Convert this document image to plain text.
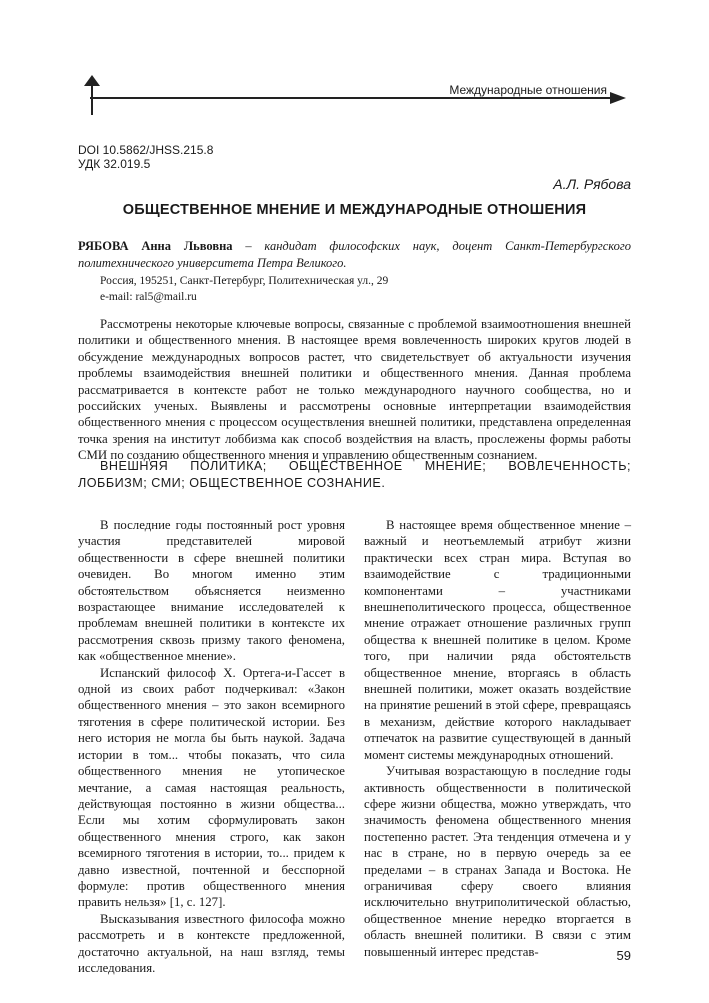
Международные отношения
DOI 10.5862/JHSS.215.8
УДК 32.019.5
А.Л. Рябова
ОБЩЕСТВЕННОЕ МНЕНИЕ И МЕЖДУНАРОДНЫЕ ОТНОШЕНИЯ
РЯБОВА Анна Львовна – кандидат философских наук, доцент Санкт-Петербургского политехнического университета Петра Великого.
Россия, 195251, Санкт-Петербург, Политехническая ул., 29
e-mail: ral5@mail.ru
Рассмотрены некоторые ключевые вопросы, связанные с проблемой взаимоотношения внешней политики и общественного мнения. В настоящее время вовлеченность широких кругов людей в обсуждение международных вопросов растет, что свидетельствует об актуальности изучения проблемы взаимодействия внешней политики и общественного мнения. Данная проблема рассматривается в контексте работ не только международного научного сообщества, но и российских ученых. Выявлены и рассмотрены основные интерпретации взаимодействия общественного мнения с процессом осуществления внешней политики, представлена определенная точка зрения на институт лоббизма как способ воздействия на власть, прослежены формы работы СМИ по созданию общественного мнения и управлению общественным сознанием.
ВНЕШНЯЯ ПОЛИТИКА; ОБЩЕСТВЕННОЕ МНЕНИЕ; ВОВЛЕЧЕННОСТЬ; ЛОББИЗМ; СМИ; ОБЩЕСТВЕННОЕ СОЗНАНИЕ.

В последние годы постоянный рост уровня участия представителей мировой общественности в сфере внешней политики очевиден. Во многом именно этим обстоятельством объясняется неизменно возрастающее внимание исследователей к проблемам внешней политики в контексте их рассмотрения сквозь призму такого феномена, как «общественное мнение».

Испанский философ Х. Ортега-и-Гассет в одной из своих работ подчеркивал: «Закон общественного мнения – это закон всемирного тяготения в сфере политической истории. Без него история не могла бы быть наукой. Задача истории в том... чтобы показать, что сила общественного мнения не утопическое мечтание, а самая настоящая реальность, действующая постоянно в жизни общества... Если мы хотим сформулировать закон общественного мнения строго, как закон всемирного тяготения в истории, то... придем к давно известной, почтенной и бесспорной формуле: против общественного мнения править нельзя» [1, с. 127].

Высказывания известного философа можно рассмотреть и в контексте предложенной, достаточно актуальной, на наш взгляд, темы исследования.

В настоящее время общественное мнение – важный и неотъемлемый атрибут жизни практически всех стран мира. Вступая во взаимодействие с традиционными компонентами – участниками внешнеполитического процесса, общественное мнение отражает отношение различных групп общества к внешней политике в целом. Кроме того, при наличии ряда обстоятельств общественное мнение, вторгаясь в область внешней политики, может оказать воздействие на принятие решений в этой сфере, превращаясь в механизм, действие которого накладывает отпечаток на развитие существующей в данный момент системы международных отношений.

Учитывая возрастающую в последние годы активность общественности в политической сфере жизни общества, можно утверждать, что значимость феномена общественного мнения постепенно растет. Эта тенденция отмечена и у нас в стране, но в первую очередь за ее пределами – в странах Запада и Востока. Не ограничивая сферу своего влияния исключительно внутриполитической областью, общественное мнение нередко вторгается в область внешней политики. В связи с этим повышенный интерес представ-	59
